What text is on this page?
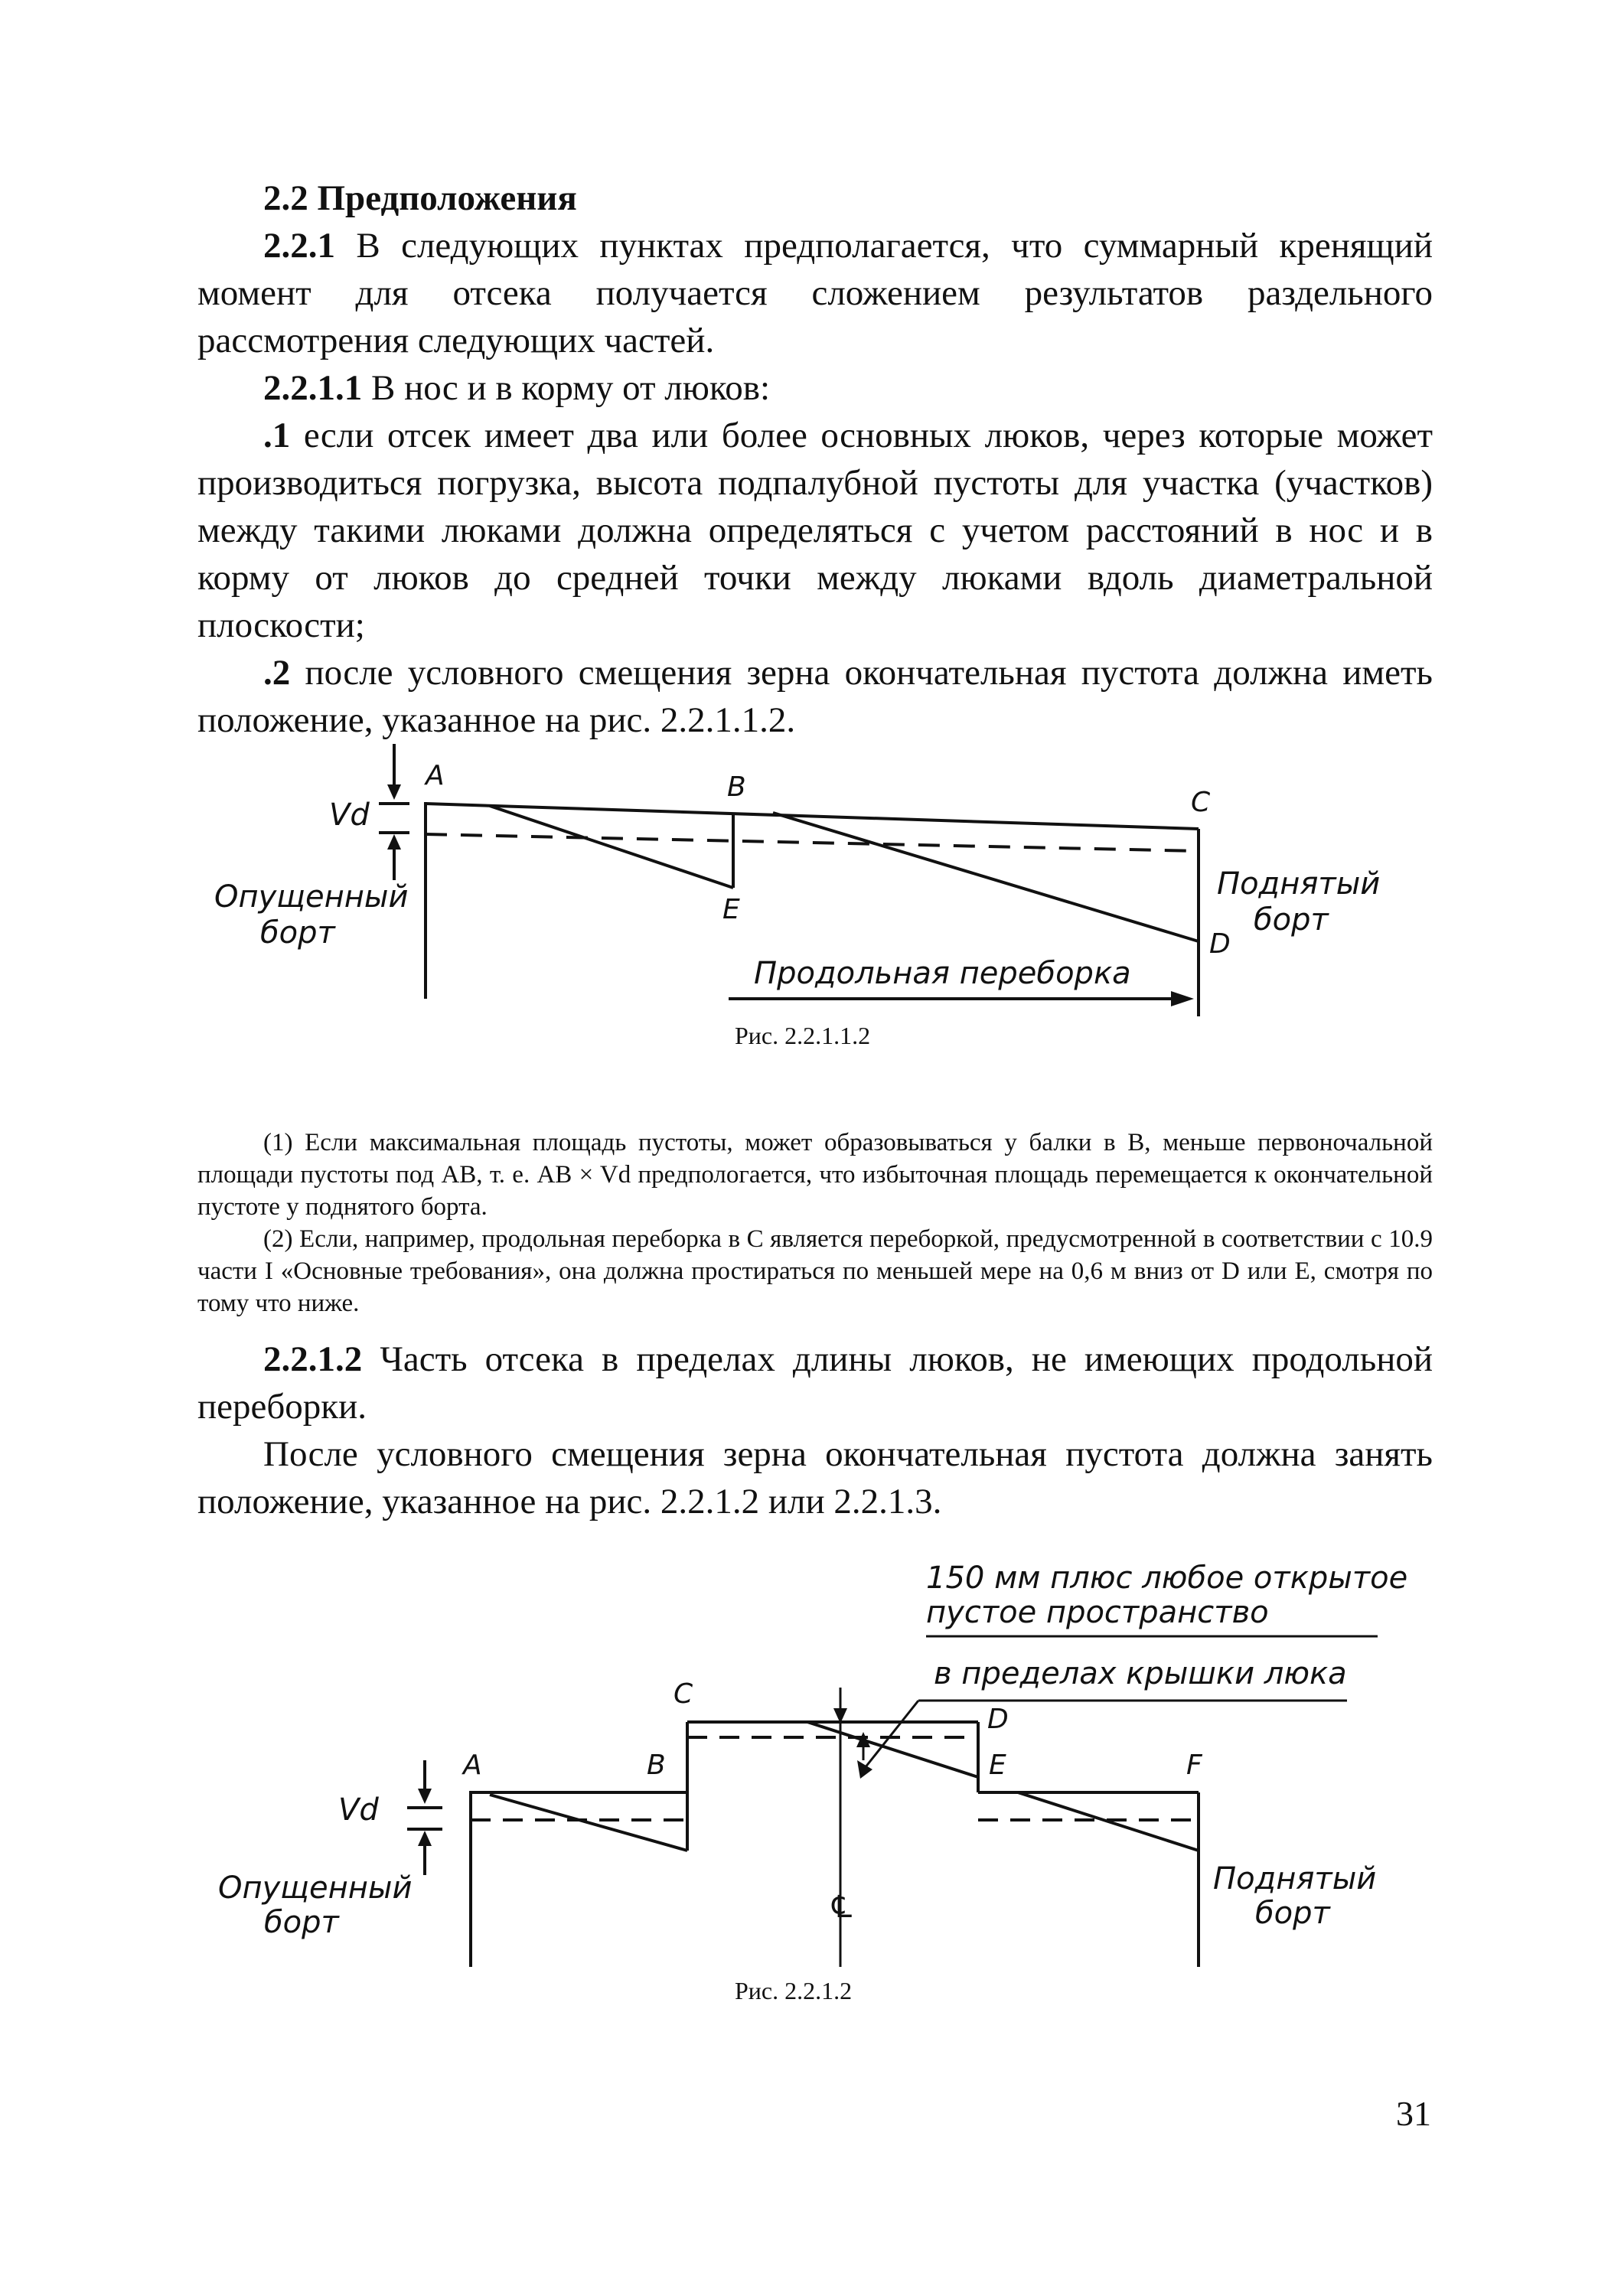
2.2 Предположения

2.2.1 В следующих пунктах предполагается, что суммарный кренящий момент для отсека получается сложением результатов раздельного рассмотрения следующих частей.

2.2.1.1 В нос и в корму от люков:

.1 если отсек имеет два или более основных люков, через которые может производиться погрузка, высота подпалубной пустоты для участка (участков) между такими люками должна определяться с учетом расстояний в нос и в корму от люков до средней точки между люками вдоль диаметральной плоскости;

.2 после условного смещения зерна окончательная пустота должна иметь положение, указанное на рис. 2.2.1.1.2.

Vd
A	B	C
D
E
Опущенный
борт
Поднятый
борт
Продольная переборка
Рис. 2.2.1.1.2

(1) Если максимальная площадь пустоты, может образовываться у балки в B, меньше первоночальной площади пустоты под AB, т. е. AB × Vd предпологается, что избыточная площадь перемещается к окончательной пустоте у поднятого борта.

(2) Если, например, продольная переборка в C является переборкой, предусмотренной в соответствии с 10.9 части I «Основные требования», она должна простираться по меньшей мере на 0,6 м вниз от D или E, смотря по тому что ниже.

2.2.1.2 Часть отсека в пределах длины люков, не имеющих продольной переборки.

После условного смещения зерна окончательная пустота должна занять положение, указанное на рис. 2.2.1.2 или 2.2.1.3.

150 мм плюс любое открытое
пустое пространство
в пределах крышки люка
Vd
℄
A	B
C
D
E	F
Опущенный
борт
Поднятый
борт
Рис. 2.2.1.2
31
